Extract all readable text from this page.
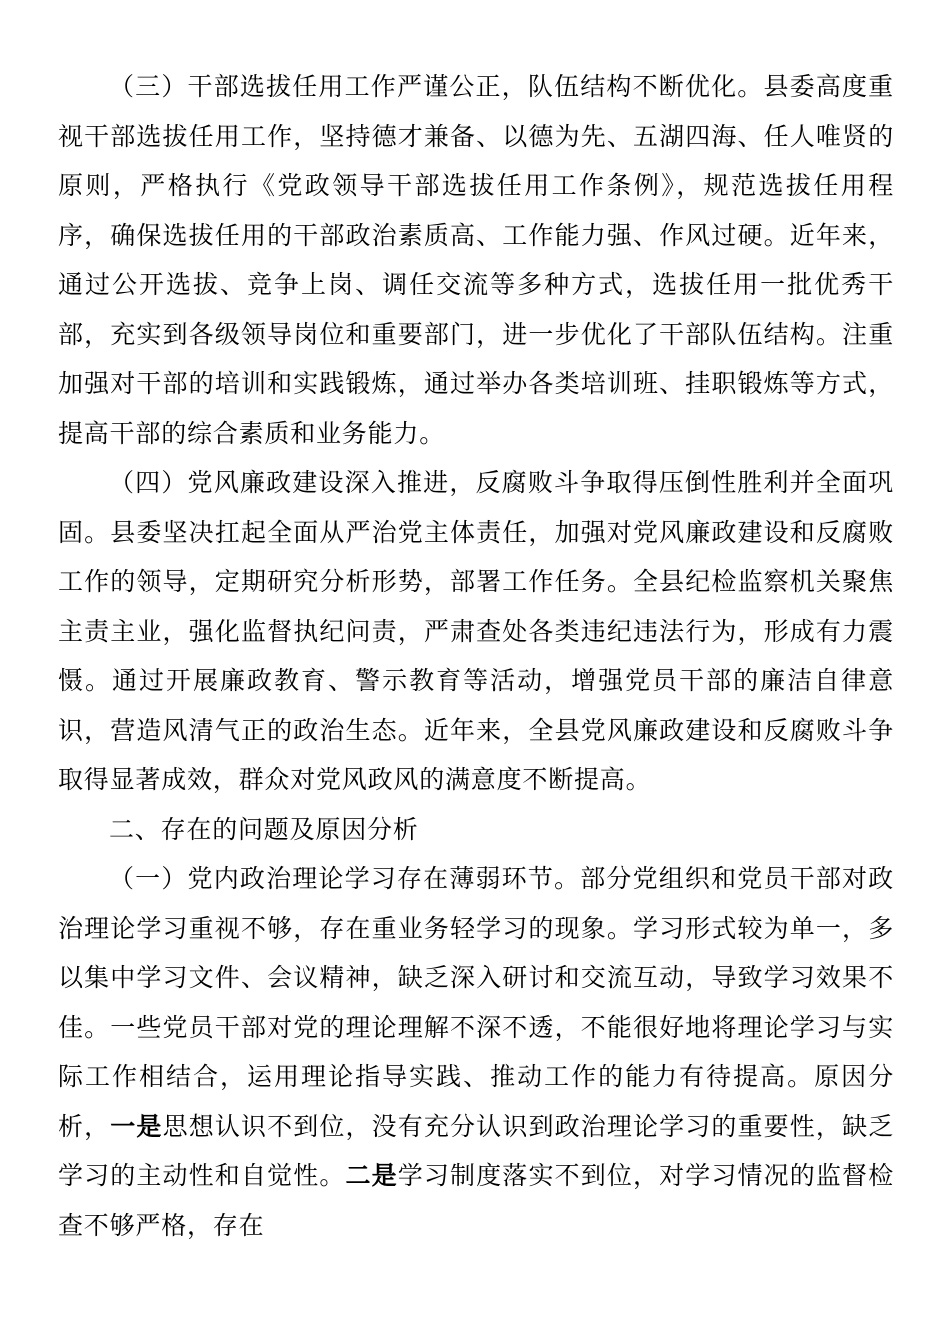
（三）干部选拔任用工作严谨公正，队伍结构不断优化。县委高度重视干部选拔任用工作，坚持德才兼备、以德为先、五湖四海、任人唯贤的原则，严格执行《党政领导干部选拔任用工作条例》，规范选拔任用程序，确保选拔任用的干部政治素质高、工作能力强、作风过硬。近年来，通过公开选拔、竞争上岗、调任交流等多种方式，选拔任用一批优秀干部，充实到各级领导岗位和重要部门，进一步优化了干部队伍结构。注重加强对干部的培训和实践锻炼，通过举办各类培训班、挂职锻炼等方式，提高干部的综合素质和业务能力。

（四）党风廉政建设深入推进，反腐败斗争取得压倒性胜利并全面巩固。县委坚决扛起全面从严治党主体责任，加强对党风廉政建设和反腐败工作的领导，定期研究分析形势，部署工作任务。全县纪检监察机关聚焦主责主业，强化监督执纪问责，严肃查处各类违纪违法行为，形成有力震慑。通过开展廉政教育、警示教育等活动，增强党员干部的廉洁自律意识，营造风清气正的政治生态。近年来，全县党风廉政建设和反腐败斗争取得显著成效，群众对党风政风的满意度不断提高。

二、存在的问题及原因分析

（一）党内政治理论学习存在薄弱环节。部分党组织和党员干部对政治理论学习重视不够，存在重业务轻学习的现象。学习形式较为单一，多以集中学习文件、会议精神，缺乏深入研讨和交流互动，导致学习效果不佳。一些党员干部对党的理论理解不深不透，不能很好地将理论学习与实际工作相结合，运用理论指导实践、推动工作的能力有待提高。原因分析，一是思想认识不到位，没有充分认识到政治理论学习的重要性，缺乏学习的主动性和自觉性。二是学习制度落实不到位，对学习情况的监督检查不够严格，存在
